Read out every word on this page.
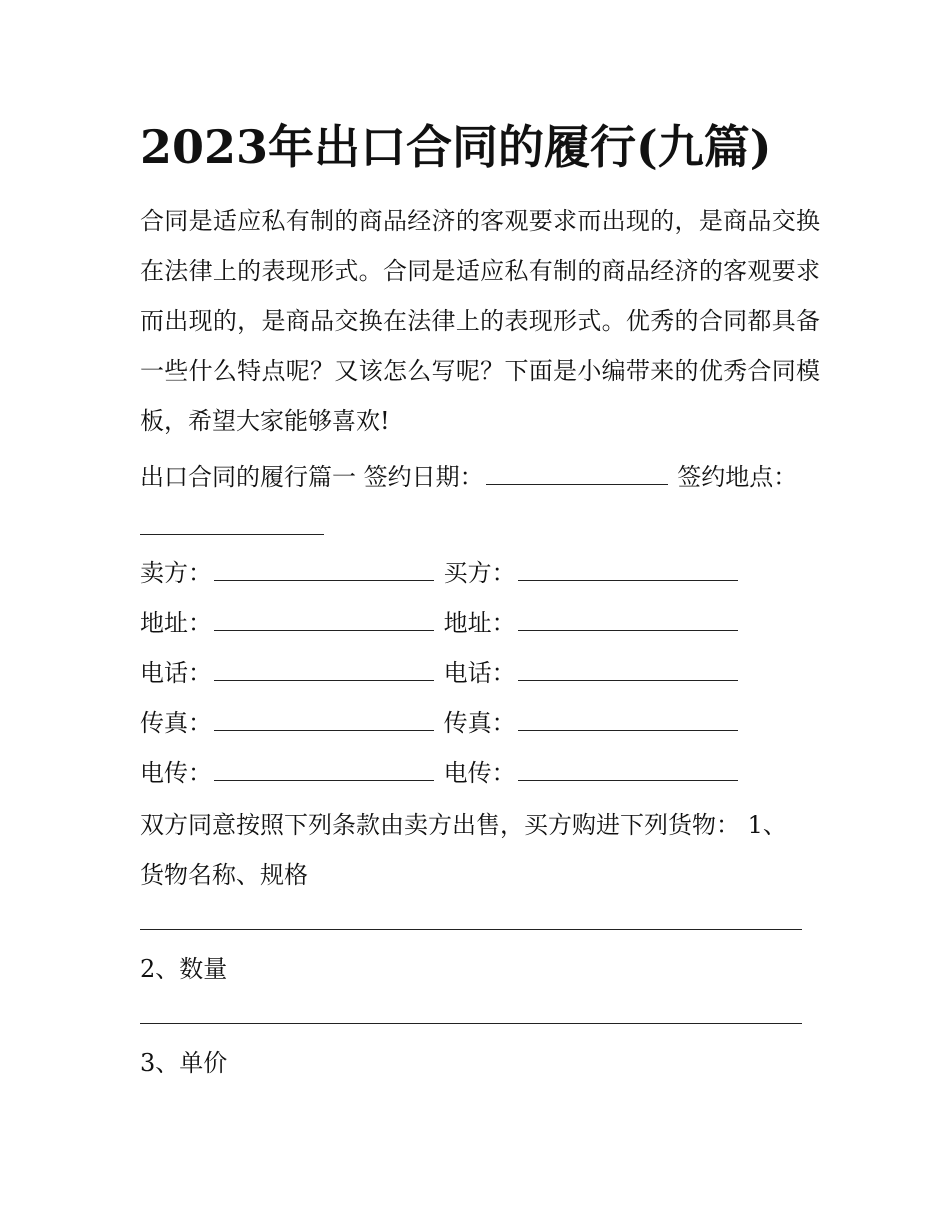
2023年出口合同的履行(九篇)

合同是适应私有制的商品经济的客观要求而出现的，是商品交换在法律上的表现形式。合同是适应私有制的商品经济的客观要求而出现的，是商品交换在法律上的表现形式。优秀的合同都具备一些什么特点呢？又该怎么写呢？下面是小编带来的优秀合同模板，希望大家能够喜欢!

出口合同的履行篇一 签约日期：	签约地点：
卖方：	买方：
地址：	地址：
电话：	电话：
传真：	传真：
电传：	电传：
双方同意按照下列条款由卖方出售，买方购进下列货物： 1、
货物名称、规格
2、数量
3、单价
